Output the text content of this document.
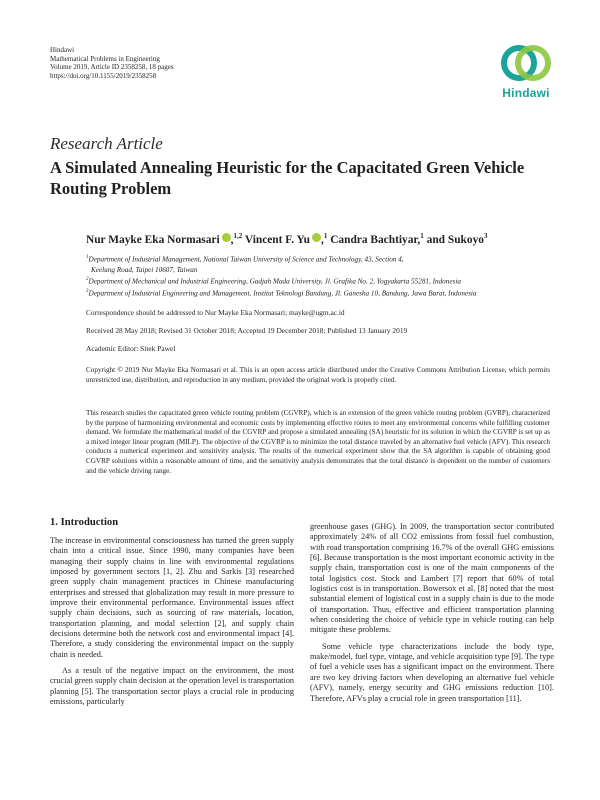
Hindawi
Mathematical Problems in Engineering
Volume 2019, Article ID 2358258, 18 pages
https://doi.org/10.1155/2019/2358258
Hindawi
Research Article
A Simulated Annealing Heuristic for the Capacitated Green Vehicle Routing Problem
Nur Mayke Eka Normasari ,$^{1,2}$ Vincent F. Yu ,$^1$ Candra Bachtiyar,$^1$ and Sukoyo$^3$
$^1$Department of Industrial Management, National Taiwan University of Science and Technology, 43, Section 4,
Keelung Road, Taipei 10607, Taiwan
$^2$Department of Mechanical and Industrial Engineering, Gadjah Mada University, Jl. Grafika No. 2, Yogyakarta 55281, Indonesia
$^3$Department of Industrial Engineering and Management, Institut Teknologi Bandung, Jl. Ganesha 10, Bandung, Jawa Barat, Indonesia
Correspondence should be addressed to Nur Mayke Eka Normasari; mayke@ugm.ac.id
Received 28 May 2018; Revised 31 October 2018; Accepted 19 December 2018; Published 13 January 2019
Academic Editor: Sitek Pawel
Copyright © 2019 Nur Mayke Eka Normasari et al. This is an open access article distributed under the Creative Commons Attribution License, which permits unrestricted use, distribution, and reproduction in any medium, provided the original work is properly cited.
This research studies the capacitated green vehicle routing problem (CGVRP), which is an extension of the green vehicle routing problem (GVRP), characterized by the purpose of harmonizing environmental and economic costs by implementing effective routes to meet any environmental concerns while fulfilling customer demand. We formulate the mathematical model of the CGVRP and propose a simulated annealing (SA) heuristic for its solution in which the CGVRP is set up as a mixed integer linear program (MILP). The objective of the CGVRP is to minimize the total distance traveled by an alternative fuel vehicle (AFV). This research conducts a numerical experiment and sensitivity analysis. The results of the numerical experiment show that the SA algorithm is capable of obtaining good CGVRP solutions within a reasonable amount of time, and the sensitivity analysis demonstrates that the total distance is dependent on the number of customers and the vehicle driving range.
1. Introduction

The increase in environmental consciousness has turned the green supply chain into a critical issue. Since 1990, many companies have been managing their supply chains in line with environmental regulations imposed by government sectors [1, 2]. Zhu and Sarkis [3] researched green supply chain management practices in Chinese manufacturing enterprises and stressed that globalization may result in more pressure to improve their environmental performance. Environmental issues affect supply chain decisions, such as sourcing of raw materials, location, transportation planning, and modal selection [2], and supply chain decisions determine both the network cost and environmental impact [4]. Therefore, a study considering the environmental impact on the supply chain is needed.

As a result of the negative impact on the environment, the most crucial green supply chain decision at the operation level is transportation planning [5]. The transportation sector plays a crucial role in producing emissions, particularly

greenhouse gases (GHG). In 2009, the transportation sector contributed approximately 24% of all CO2 emissions from fossil fuel combustion, with road transportation comprising 16.7% of the overall GHG emissions [6]. Because transportation is the most important economic activity in the supply chain, transportation cost is one of the main components of the total logistics cost. Stock and Lambert [7] report that 60% of total logistics cost is in transportation. Bowersox et al. [8] noted that the most substantial element of logistical cost in a supply chain is due to the mode of transportation. Thus, effective and efficient transportation planning when considering the choice of vehicle type in vehicle routing can help mitigate these problems.

Some vehicle type characterizations include the body type, make/model, fuel type, vintage, and vehicle acquisition type [9]. The type of fuel a vehicle uses has a significant impact on the environment. There are two key driving factors when developing an alternative fuel vehicle (AFV), namely, energy security and GHG emissions reduction [10]. Therefore, AFVs play a crucial role in green transportation [11].
